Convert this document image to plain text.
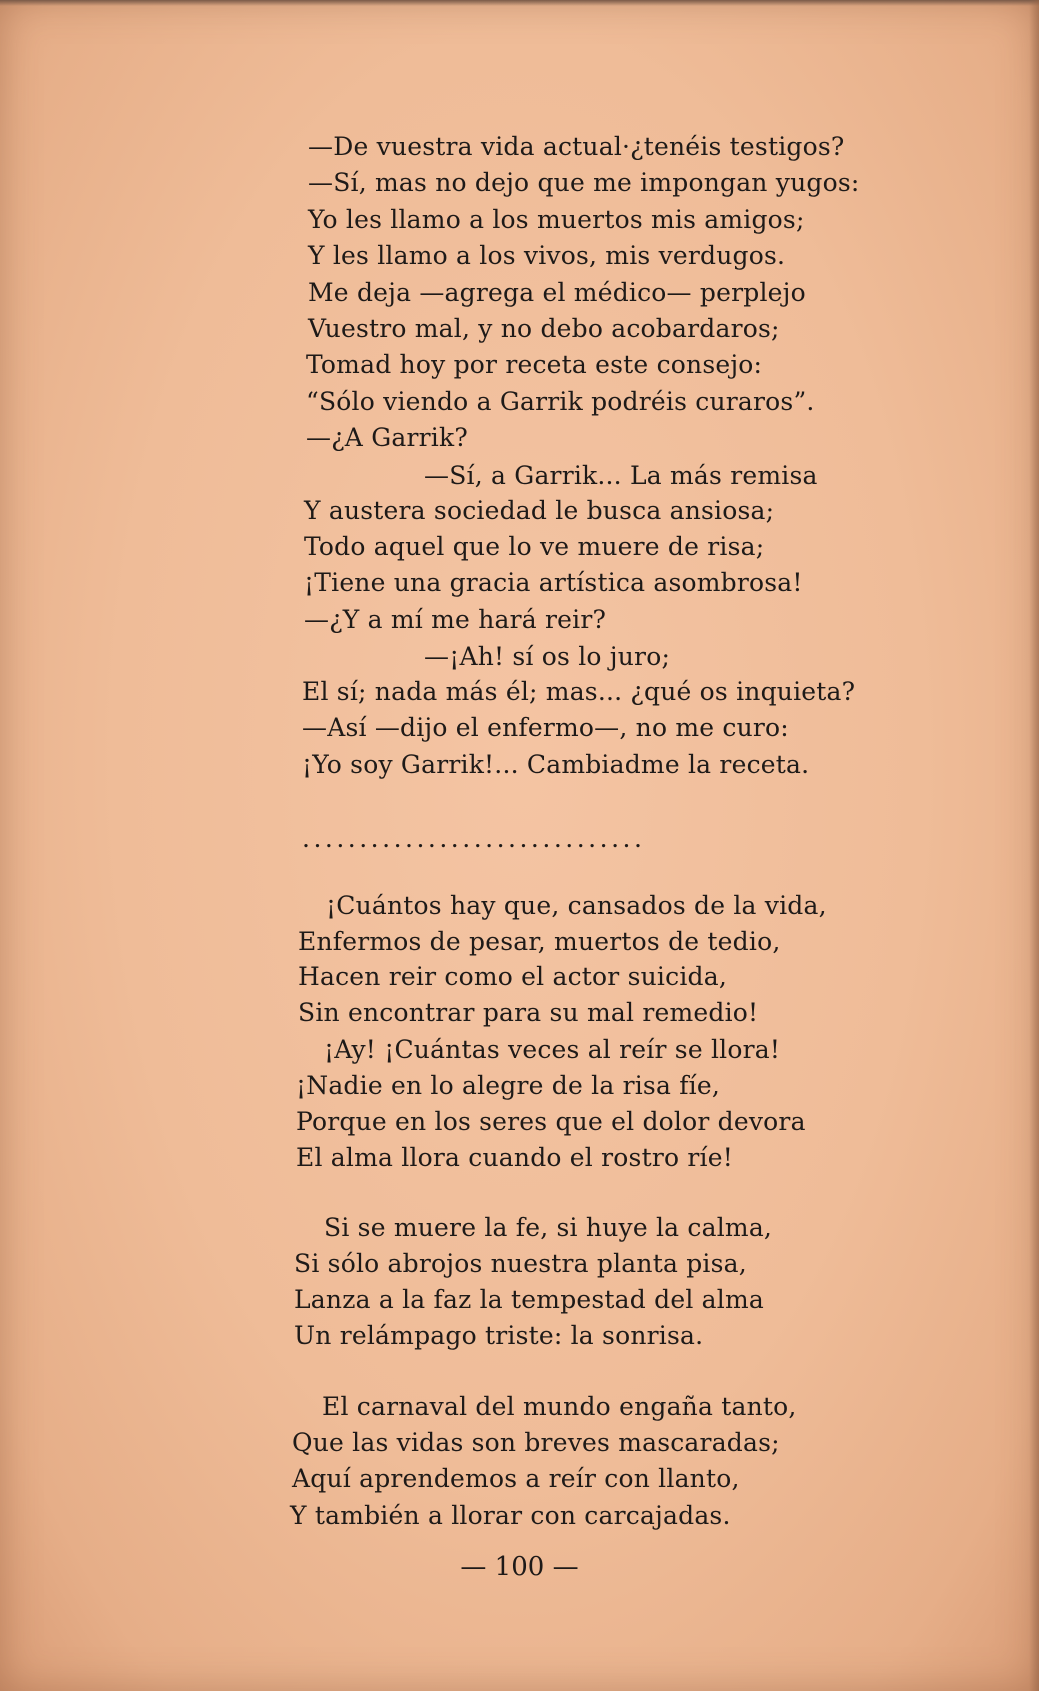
—De vuestra vida actual·¿tenéis testigos?
—Sí, mas no dejo que me impongan yugos:
Yo les llamo a los muertos mis amigos;
Y les llamo a los vivos, mis verdugos.
Me deja —agrega el médico— perplejo
Vuestro mal, y no debo acobardaros;
Tomad hoy por receta este consejo:
“Sólo viendo a Garrik podréis curaros”.
—¿A Garrik?
—Sí, a Garrik... La más remisa
Y austera sociedad le busca ansiosa;
Todo aquel que lo ve muere de risa;
¡Tiene una gracia artística asombrosa!
—¿Y a mí me hará reir?
—¡Ah! sí os lo juro;
El sí; nada más él; mas... ¿qué os inquieta?
—Así —dijo el enfermo—, no me curo:
¡Yo soy Garrik!... Cambiadme la receta.
..............................
¡Cuántos hay que, cansados de la vida,
Enfermos de pesar, muertos de tedio,
Hacen reir como el actor suicida,
Sin encontrar para su mal remedio!
¡Ay! ¡Cuántas veces al reír se llora!
¡Nadie en lo alegre de la risa fíe,
Porque en los seres que el dolor devora
El alma llora cuando el rostro ríe!
Si se muere la fe, si huye la calma,
Si sólo abrojos nuestra planta pisa,
Lanza a la faz la tempestad del alma
Un relámpago triste: la sonrisa.
El carnaval del mundo engaña tanto,
Que las vidas son breves mascaradas;
Aquí aprendemos a reír con llanto,
Y también a llorar con carcajadas.
— 100 —
